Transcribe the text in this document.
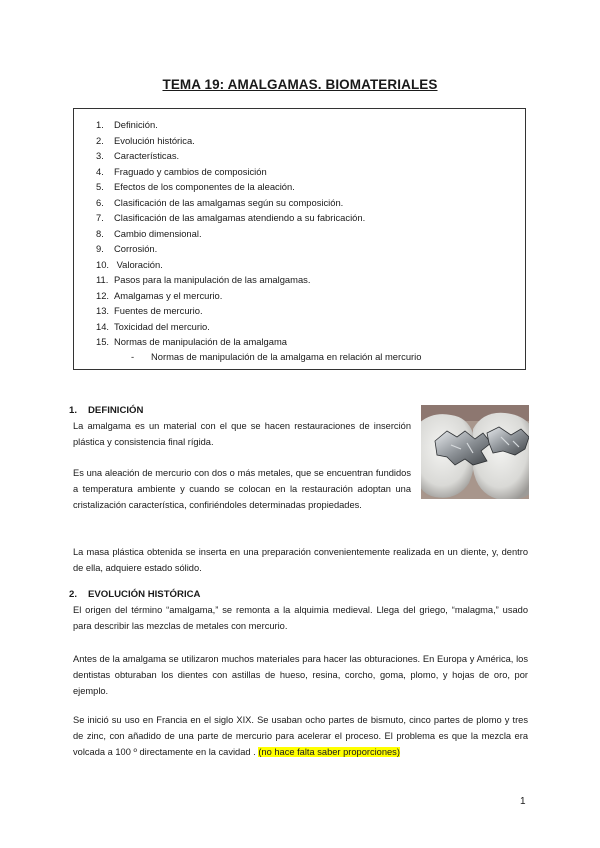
TEMA 19: AMALGAMAS. BIOMATERIALES
1. Definición.
2. Evolución histórica.
3. Características.
4. Fraguado y cambios de composición
5. Efectos de los componentes de la aleación.
6. Clasificación de las amalgamas según su composición.
7. Clasificación de las amalgamas atendiendo a su fabricación.
8. Cambio dimensional.
9. Corrosión.
10. Valoración.
11. Pasos para la manipulación de las amalgamas.
12. Amalgamas y el mercurio.
13. Fuentes de mercurio.
14. Toxicidad del mercurio.
15. Normas de manipulación de la amalgama
- Normas de manipulación de la amalgama en relación al mercurio
1. DEFINICIÓN
La amalgama es un material con el que se hacen restauraciones de inserción plástica y consistencia final rígida.
Es una aleación de mercurio con dos o más metales, que se encuentran fundidos a temperatura ambiente y cuando se colocan en la restauración adoptan una cristalización característica, confiriéndoles determinadas propiedades.
La masa plástica obtenida se inserta en una preparación convenientemente realizada en un diente, y, dentro de ella, adquiere estado sólido.
2. EVOLUCIÓN HISTÓRICA
El origen del término “amalgama,” se remonta a la alquimia medieval. Llega del griego, “malagma,” usado para describir las mezclas de metales con mercurio.
Antes de la amalgama se utilizaron muchos materiales para hacer las obturaciones. En Europa y América, los dentistas obturaban los dientes con astillas de hueso, resina, corcho, goma, plomo, y hojas de oro, por ejemplo.
Se inició su uso en Francia en el siglo XIX. Se usaban ocho partes de bismuto, cinco partes de plomo y tres de zinc, con añadido de una parte de mercurio para acelerar el proceso. El problema es que la mezcla era volcada a 100 º directamente en la cavidad . (no hace falta saber proporciones)
1
